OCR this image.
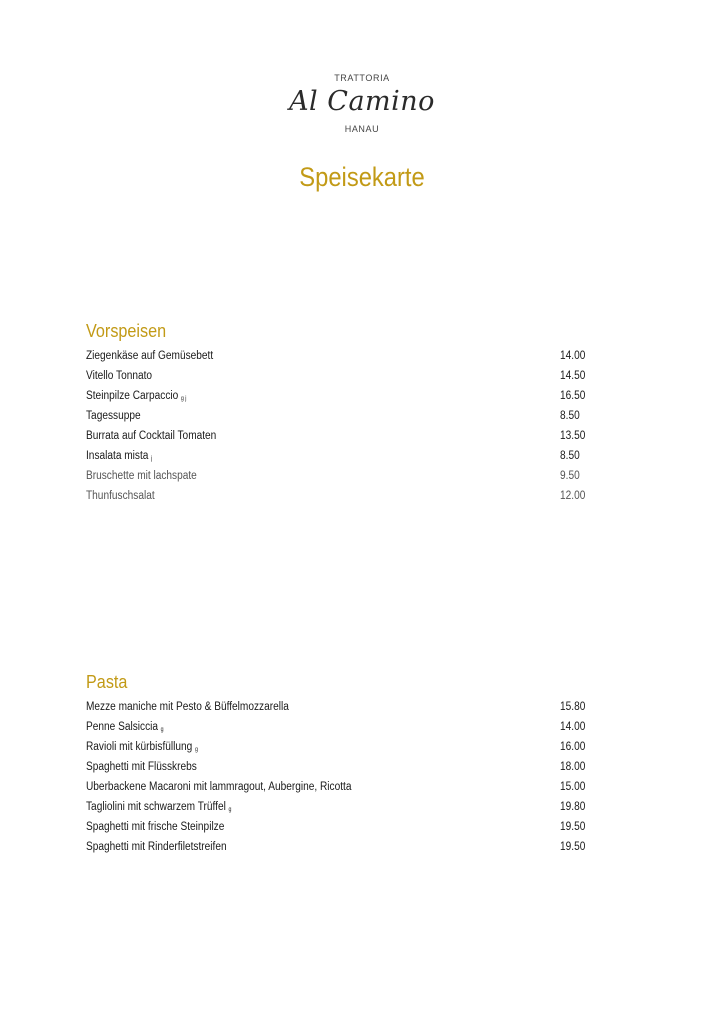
TRATTORIA
Al Camino
HANAU
Speisekarte
Vorspeisen
Ziegenkäse auf Gemüsebett	14.00
Vitello Tonnato	14.50
Steinpilze Carpaccio g j	16.50
Tagessuppe	8.50
Burrata auf Cocktail Tomaten	13.50
Insalata mista j	8.50
Bruschette mit lachspate	9.50
Thunfuschsalat	12.00
Pasta
Mezze maniche mit Pesto & Büffelmozzarella	15.80
Penne Salsiccia g	14.00
Ravioli mit kürbisfüllung g	16.00
Spaghetti mit Flüsskrebs	18.00
Überbackene Macaroni mit lammragout, Aubergine, Ricotta	15.00
Tagliolini mit schwarzem Trüffel g	19.80
Spaghetti mit frische Steinpilze	19.50
Spaghetti mit Rinderfiletstreifen	19.50
